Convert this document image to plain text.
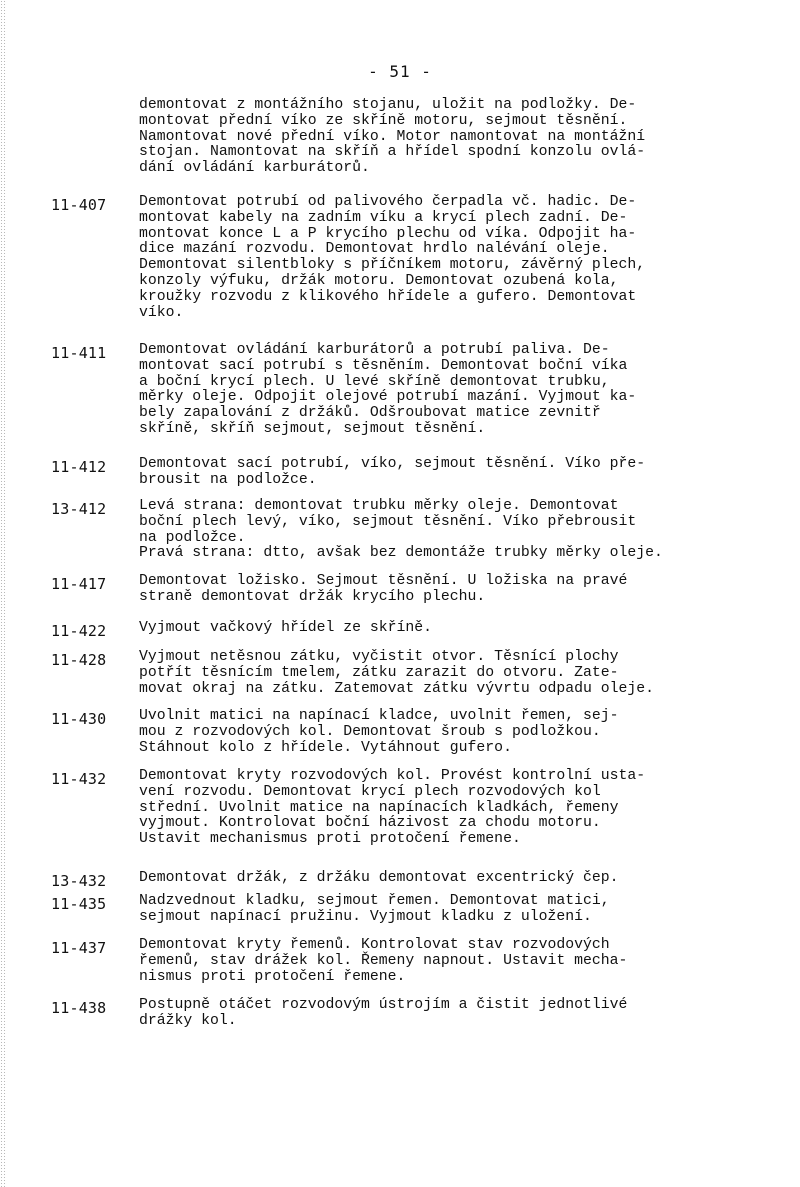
- 51 -
demontovat z montážního stojanu, uložit na podložky. De-
montovat přední víko ze skříně motoru, sejmout těsnění.
Namontovat nové přední víko. Motor namontovat na montážní
stojan. Namontovat na skříň a hřídel spodní konzolu ovlá-
dání ovládání karburátorů.
11-407 Demontovat potrubí od palivového čerpadla vč. hadic. De-
montovat kabely na zadním víku a krycí plech zadní. De-
montovat konce L a P krycího plechu od víka. Odpojit ha-
dice mazání rozvodu. Demontovat hrdlo nalévání oleje.
Demontovat silentbloky s příčníkem motoru, závěrný plech,
konzoly výfuku, držák motoru. Demontovat ozubená kola,
kroužky rozvodu z klikového hřídele a gufero. Demontovat
víko.
11-411 Demontovat ovládání karburátorů a potrubí paliva. De-
montovat sací potrubí s těsněním. Demontovat boční víka
a boční krycí plech. U levé skříně demontovat trubku,
měrky oleje. Odpojit olejové potrubí mazání. Vyjmout ka-
bely zapalování z držáků. Odšroubovat matice zevnitř
skříně, skříň sejmout, sejmout těsnění.
11-412 Demontovat sací potrubí, víko, sejmout těsnění. Víko pře-
brousit na podložce.
13-412 Levá strana: demontovat trubku měrky oleje. Demontovat
boční plech levý, víko, sejmout těsnění. Víko přebrousit
na podložce.
Pravá strana: dtto, avšak bez demontáže trubky měrky oleje.
11-417 Demontovat ložisko. Sejmout těsnění. U ložiska na pravé
straně demontovat držák krycího plechu.
11-422 Vyjmout vačkový hřídel ze skříně.
11-428 Vyjmout netěsnou zátku, vyčistit otvor. Těsnící plochy
potřít těsnícím tmelem, zátku zarazit do otvoru. Zate-
movat okraj na zátku. Zatemovat zátku vývrtu odpadu oleje.
11-430 Uvolnit matici na napínací kladce, uvolnit řemen, sej-
mou z rozvodových kol. Demontovat šroub s podložkou.
Stáhnout kolo z hřídele. Vytáhnout gufero.
11-432 Demontovat kryty rozvodových kol. Provést kontrolní usta-
vení rozvodu. Demontovat krycí plech rozvodových kol
střední. Uvolnit matice na napínacích kladkách, řemeny
vyjmout. Kontrolovat boční házivost za chodu motoru.
Ustavit mechanismus proti protočení řemene.
13-432 Demontovat držák, z držáku demontovat excentrický čep.
11-435 Nadzvednout kladku, sejmout řemen. Demontovat matici,
sejmout napínací pružinu. Vyjmout kladku z uložení.
11-437 Demontovat kryty řemenů. Kontrolovat stav rozvodových
řemenů, stav drážek kol. Řemeny napnout. Ustavit mecha-
nismus proti protočení řemene.
11-438 Postupně otáčet rozvodovým ústrojím a čistit jednotlivé
drážky kol.
